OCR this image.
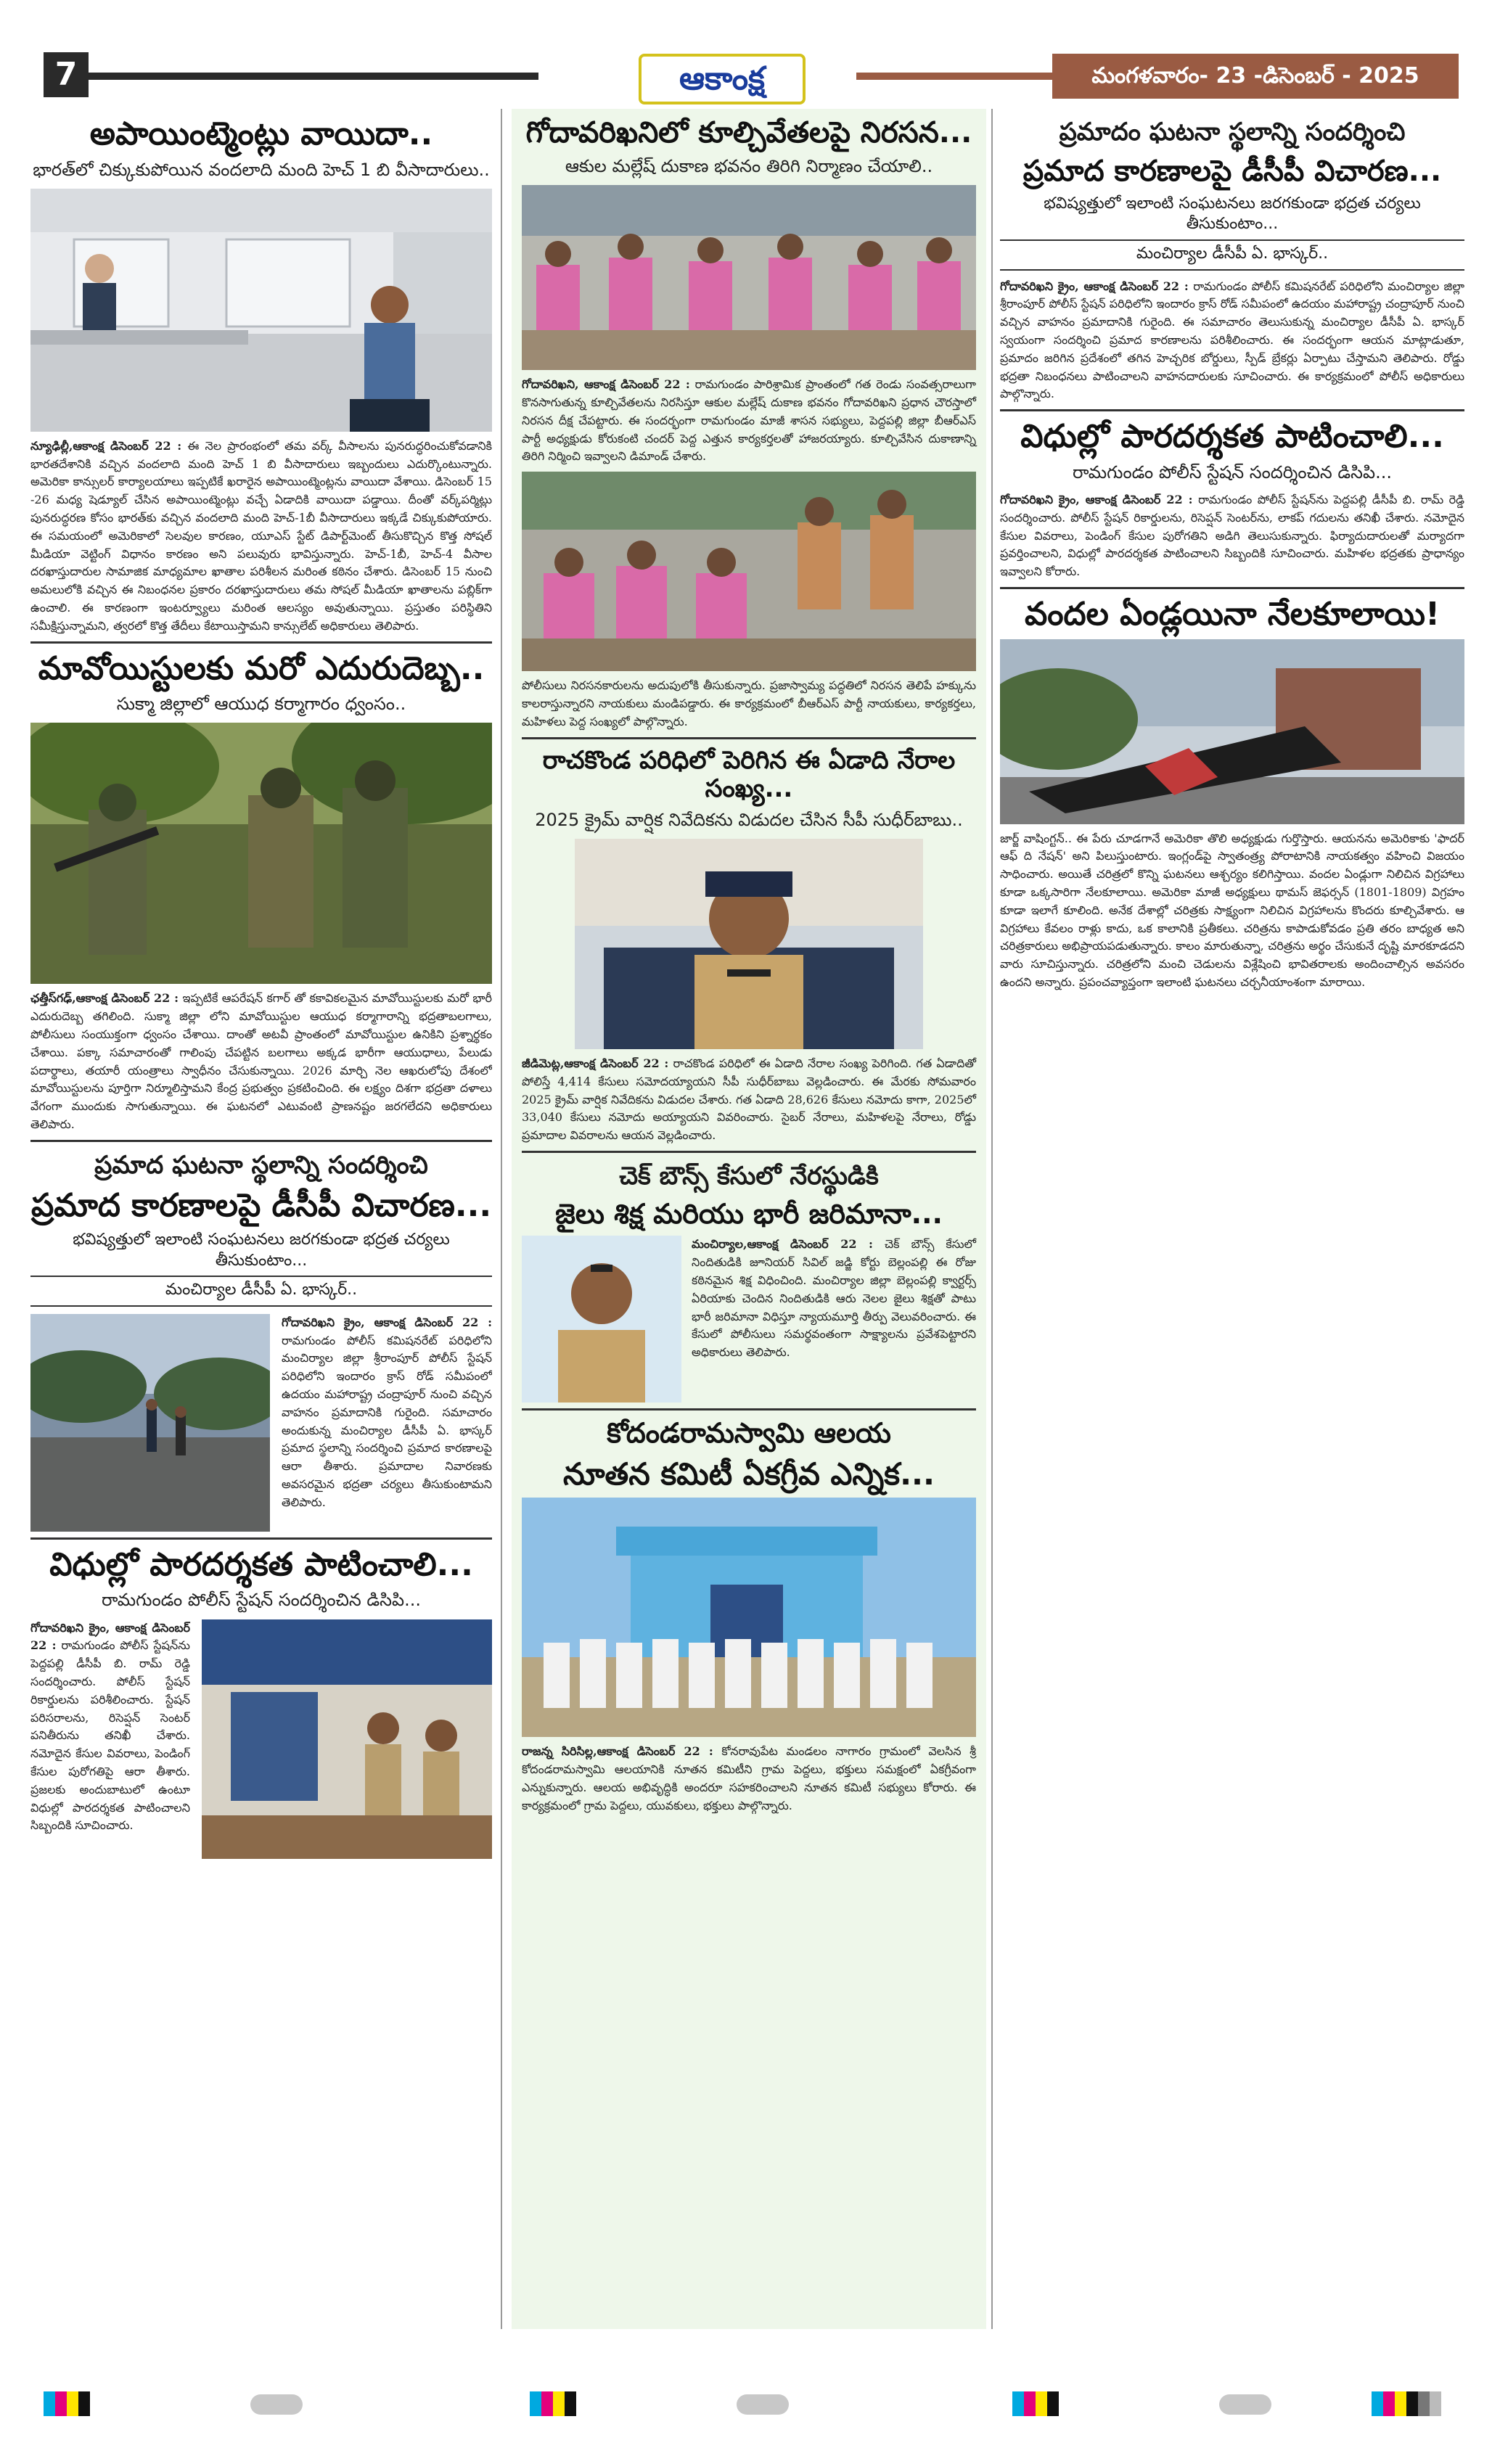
7	ఆకాంక్ష	మంగళవారం- 23 -డిసెంబర్ - 2025
అపాయింట్మెంట్లు వాయిదా..

భారత్‌లో చిక్కుకుపోయిన వందలాది మంది హెచ్ 1 బి వీసాదారులు..

న్యూఢిల్లీ,ఆకాంక్ష డిసెంబర్ 22 : ఈ నెల ప్రారంభంలో తమ వర్క్ వీసాలను పునరుద్ధరించుకోవడానికి భారతదేశానికి వచ్చిన వందలాది మంది హెచ్ 1 బి వీసాదారులు ఇబ్బందులు ఎదుర్కొంటున్నారు. అమెరికా కాన్సులర్ కార్యాలయాలు ఇప్పటికే ఖరారైన అపాయింట్మెంట్లను వాయిదా వేశాయి. డిసెంబర్ 15 -26 మధ్య షెడ్యూల్ చేసిన అపాయింట్మెంట్లు వచ్చే ఏడాదికి వాయిదా పడ్డాయి. దీంతో వర్క్‌పర్మిట్లు పునరుద్ధరణ కోసం భారత్‌కు వచ్చిన వందలాది మంది హెచ్-1బీ వీసాదారులు ఇక్కడే చిక్కుకుపోయారు. ఈ సమయంలో అమెరికాలో సెలవుల కారణం, యూఎస్ స్టేట్ డిపార్ట్‌మెంట్ తీసుకొచ్చిన కొత్త సోషల్ మీడియా వెట్టింగ్ విధానం కారణం అని పలువురు భావిస్తున్నారు. హెచ్-1బీ, హెచ్-4 వీసాల దరఖాస్తుదారుల సామాజిక మాధ్యమాల ఖాతాల పరిశీలన మరింత కఠినం చేశారు. డిసెంబర్ 15 నుంచి అమలులోకి వచ్చిన ఈ నిబంధనల ప్రకారం దరఖాస్తుదారులు తమ సోషల్ మీడియా ఖాతాలను పబ్లిక్‌గా ఉంచాలి. ఈ కారణంగా ఇంటర్వ్యూలు మరింత ఆలస్యం అవుతున్నాయి. ప్రస్తుతం పరిస్థితిని సమీక్షిస్తున్నామని, త్వరలో కొత్త తేదీలు కేటాయిస్తామని కాన్సులేట్ అధికారులు తెలిపారు.

మావోయిస్టులకు మరో ఎదురుదెబ్బ..

సుక్మా జిల్లాలో ఆయుధ కర్మాగారం ధ్వంసం..

ఛత్తీస్‌గఢ్,ఆకాంక్ష డిసెంబర్ 22 : ఇప్పటికే ఆపరేషన్ కగార్ తో కకావికలమైన మావోయిస్టులకు మరో భారీ ఎదురుదెబ్బ తగిలింది. సుక్మా జిల్లా లోని మావోయిస్టుల ఆయుధ కర్మాగారాన్ని భద్రతాబలగాలు, పోలీసులు సంయుక్తంగా ధ్వంసం చేశాయి. దాంతో అటవీ ప్రాంతంలో మావోయిస్టుల ఉనికిని ప్రశ్నార్థకం చేశాయి. పక్కా సమాచారంతో గాలింపు చేపట్టిన బలగాలు అక్కడ భారీగా ఆయుధాలు, పేలుడు పదార్థాలు, తయారీ యంత్రాలు స్వాధీనం చేసుకున్నాయి. 2026 మార్చి నెల ఆఖరులోపు దేశంలో మావోయిస్టులను పూర్తిగా నిర్మూలిస్తామని కేంద్ర ప్రభుత్వం ప్రకటించింది. ఈ లక్ష్యం దిశగా భద్రతా దళాలు వేగంగా ముందుకు సాగుతున్నాయి. ఈ ఘటనలో ఎటువంటి ప్రాణనష్టం జరగలేదని అధికారులు తెలిపారు.

ప్రమాద ఘటనా స్థలాన్ని సందర్శించి
ప్రమాద కారణాలపై డీసీపీ విచారణ...

భవిష్యత్తులో ఇలాంటి సంఘటనలు జరగకుండా భద్రత చర్యలు తీసుకుంటాం...

మంచిర్యాల డీసీపీ ఏ. భాస్కర్..

గోదావరిఖని క్రైం, ఆకాంక్ష డిసెంబర్ 22 : రామగుండం పోలీస్ కమిషనరేట్ పరిధిలోని మంచిర్యాల జిల్లా శ్రీరాంపూర్ పోలీస్ స్టేషన్ పరిధిలోని ఇందారం క్రాస్ రోడ్ సమీపంలో ఉదయం మహారాష్ట్ర చంద్రాపూర్ నుంచి వచ్చిన వాహనం ప్రమాదానికి గురైంది. సమాచారం అందుకున్న మంచిర్యాల డీసీపీ ఏ. భాస్కర్ ప్రమాద స్థలాన్ని సందర్శించి ప్రమాద కారణాలపై ఆరా తీశారు. ప్రమాదాల నివారణకు అవసరమైన భద్రతా చర్యలు తీసుకుంటామని తెలిపారు.

విధుల్లో పారదర్శకత పాటించాలి...

రామగుండం పోలీస్ స్టేషన్ సందర్శించిన డిసిపి...

గోదావరిఖని క్రైం, ఆకాంక్ష డిసెంబర్ 22 : రామగుండం పోలీస్ స్టేషన్‌ను పెద్దపల్లి డీసీపీ బి. రామ్ రెడ్డి సందర్శించారు. పోలీస్ స్టేషన్ రికార్డులను పరిశీలించారు. స్టేషన్ పరిసరాలను, రిసెప్షన్ సెంటర్ పనితీరును తనిఖీ చేశారు. నమోదైన కేసుల వివరాలు, పెండింగ్ కేసుల పురోగతిపై ఆరా తీశారు. ప్రజలకు అందుబాటులో ఉంటూ విధుల్లో పారదర్శకత పాటించాలని సిబ్బందికి సూచించారు.

గోదావరిఖనిలో కూల్చివేతలపై నిరసన...

ఆకుల మల్లేష్ దుకాణ భవనం తిరిగి నిర్మాణం చేయాలి..

గోదావరిఖని, ఆకాంక్ష డిసెంబర్ 22 : రామగుండం పారిశ్రామిక ప్రాంతంలో గత రెండు సంవత్సరాలుగా కొనసాగుతున్న కూల్చివేతలను నిరసిస్తూ ఆకుల మల్లేష్ దుకాణ భవనం గోదావరిఖని ప్రధాన చౌరస్తాలో నిరసన దీక్ష చేపట్టారు. ఈ సందర్భంగా రామగుండం మాజీ శాసన సభ్యులు, పెద్దపల్లి జిల్లా బీఆర్ఎస్ పార్టీ అధ్యక్షుడు కోరుకంటి చందర్ పెద్ద ఎత్తున కార్యకర్తలతో హాజరయ్యారు. కూల్చివేసిన దుకాణాన్ని తిరిగి నిర్మించి ఇవ్వాలని డిమాండ్ చేశారు.

పోలీసులు నిరసనకారులను అదుపులోకి తీసుకున్నారు. ప్రజాస్వామ్య పద్ధతిలో నిరసన తెలిపే హక్కును కాలరాస్తున్నారని నాయకులు మండిపడ్డారు. ఈ కార్యక్రమంలో బీఆర్ఎస్ పార్టీ నాయకులు, కార్యకర్తలు, మహిళలు పెద్ద సంఖ్యలో పాల్గొన్నారు.

రాచకొండ పరిధిలో పెరిగిన ఈ ఏడాది నేరాల సంఖ్య...

2025 క్రైమ్ వార్షిక నివేదికను విడుదల చేసిన సీపీ సుధీర్‌బాబు..

జీడిమెట్ల,ఆకాంక్ష డిసెంబర్ 22 : రాచకొండ పరిధిలో ఈ ఏడాది నేరాల సంఖ్య పెరిగింది. గత ఏడాదితో పోలిస్తే 4,414 కేసులు సమోదయ్యాయని సీపీ సుధీర్‌బాబు వెల్లడించారు. ఈ మేరకు సోమవారం 2025 క్రైమ్ వార్షిక నివేదికను విడుదల చేశారు. గత ఏడాది 28,626 కేసులు నమోదు కాగా, 2025లో 33,040 కేసులు నమోదు అయ్యాయని వివరించారు. సైబర్ నేరాలు, మహిళలపై నేరాలు, రోడ్డు ప్రమాదాల వివరాలను ఆయన వెల్లడించారు.

చెక్ బౌన్స్ కేసులో నేరస్థుడికి
జైలు శిక్ష మరియు భారీ జరిమానా...

మంచిర్యాల,ఆకాంక్ష డిసెంబర్ 22 : చెక్ బౌన్స్ కేసులో నిందితుడికి జూనియర్ సివిల్ జడ్జి కోర్టు బెల్లంపల్లి ఈ రోజు కఠినమైన శిక్ష విధించింది. మంచిర్యాల జిల్లా బెల్లంపల్లి క్వార్టర్స్ ఏరియాకు చెందిన నిందితుడికి ఆరు నెలల జైలు శిక్షతో పాటు భారీ జరిమానా విధిస్తూ న్యాయమూర్తి తీర్పు వెలువరించారు. ఈ కేసులో పోలీసులు సమర్థవంతంగా సాక్ష్యాలను ప్రవేశపెట్టారని అధికారులు తెలిపారు.

కోదండరామస్వామి ఆలయ
నూతన కమిటీ ఏకగ్రీవ ఎన్నిక...

రాజన్న సిరిసిల్ల,ఆకాంక్ష డిసెంబర్ 22 : కోనరావుపేట మండలం నాగారం గ్రామంలో వెలసిన శ్రీ కోదండరామస్వామి ఆలయానికి నూతన కమిటీని గ్రామ పెద్దలు, భక్తులు సమక్షంలో ఏకగ్రీవంగా ఎన్నుకున్నారు. ఆలయ అభివృద్ధికి అందరూ సహకరించాలని నూతన కమిటీ సభ్యులు కోరారు. ఈ కార్యక్రమంలో గ్రామ పెద్దలు, యువకులు, భక్తులు పాల్గొన్నారు.

ప్రమాదం ఘటనా స్థలాన్ని సందర్శించి
ప్రమాద కారణాలపై డీసీపీ విచారణ...

భవిష్యత్తులో ఇలాంటి సంఘటనలు జరగకుండా భద్రత చర్యలు తీసుకుంటాం...

మంచిర్యాల డీసీపీ ఏ. భాస్కర్..

గోదావరిఖని క్రైం, ఆకాంక్ష డిసెంబర్ 22 : రామగుండం పోలీస్ కమిషనరేట్ పరిధిలోని మంచిర్యాల జిల్లా శ్రీరాంపూర్ పోలీస్ స్టేషన్ పరిధిలోని ఇందారం క్రాస్ రోడ్ సమీపంలో ఉదయం మహారాష్ట్ర చంద్రాపూర్ నుంచి వచ్చిన వాహనం ప్రమాదానికి గురైంది. ఈ సమాచారం తెలుసుకున్న మంచిర్యాల డీసీపీ ఏ. భాస్కర్ స్వయంగా సందర్శించి ప్రమాద కారణాలను పరిశీలించారు. ఈ సందర్భంగా ఆయన మాట్లాడుతూ, ప్రమాదం జరిగిన ప్రదేశంలో తగిన హెచ్చరిక బోర్డులు, స్పీడ్ బ్రేకర్లు ఏర్పాటు చేస్తామని తెలిపారు. రోడ్డు భద్రతా నిబంధనలు పాటించాలని వాహనదారులకు సూచించారు. ఈ కార్యక్రమంలో పోలీస్ అధికారులు పాల్గొన్నారు.

విధుల్లో పారదర్శకత పాటించాలి...

రామగుండం పోలీస్ స్టేషన్ సందర్శించిన డిసిపి...

గోదావరిఖని క్రైం, ఆకాంక్ష డిసెంబర్ 22 : రామగుండం పోలీస్ స్టేషన్‌ను పెద్దపల్లి డీసీపీ బి. రామ్ రెడ్డి సందర్శించారు. పోలీస్ స్టేషన్ రికార్డులను, రిసెప్షన్ సెంటర్‌ను, లాకప్ గదులను తనిఖీ చేశారు. నమోదైన కేసుల వివరాలు, పెండింగ్ కేసుల పురోగతిని అడిగి తెలుసుకున్నారు. ఫిర్యాదుదారులతో మర్యాదగా ప్రవర్తించాలని, విధుల్లో పారదర్శకత పాటించాలని సిబ్బందికి సూచించారు. మహిళల భద్రతకు ప్రాధాన్యం ఇవ్వాలని కోరారు.

వందల ఏండ్లయినా నేలకూలాయి!

జార్జ్ వాషింగ్టన్.. ఈ పేరు చూడగానే అమెరికా తొలి అధ్యక్షుడు గుర్తొస్తారు. ఆయనను అమెరికాకు 'ఫాదర్ ఆఫ్ ది నేషన్' అని పిలుస్తుంటారు. ఇంగ్లండ్‌పై స్వాతంత్ర్య పోరాటానికి నాయకత్వం వహించి విజయం సాధించారు. అయితే చరిత్రలో కొన్ని ఘటనలు ఆశ్చర్యం కలిగిస్తాయి. వందల ఏండ్లుగా నిలిచిన విగ్రహాలు కూడా ఒక్కసారిగా నేలకూలాయి. అమెరికా మాజీ అధ్యక్షులు థామస్ జెఫర్సన్ (1801-1809) విగ్రహం కూడా ఇలాగే కూలింది. అనేక దేశాల్లో చరిత్రకు సాక్ష్యంగా నిలిచిన విగ్రహాలను కొందరు కూల్చివేశారు. ఆ విగ్రహాలు కేవలం రాళ్లు కాదు, ఒక కాలానికి ప్రతీకలు. చరిత్రను కాపాడుకోవడం ప్రతి తరం బాధ్యత అని చరిత్రకారులు అభిప్రాయపడుతున్నారు. కాలం మారుతున్నా, చరిత్రను అర్థం చేసుకునే దృష్టి మారకూడదని వారు సూచిస్తున్నారు. చరిత్రలోని మంచి చెడులను విశ్లేషించి భావితరాలకు అందించాల్సిన అవసరం ఉందని అన్నారు. ప్రపంచవ్యాప్తంగా ఇలాంటి ఘటనలు చర్చనీయాంశంగా మారాయి.
